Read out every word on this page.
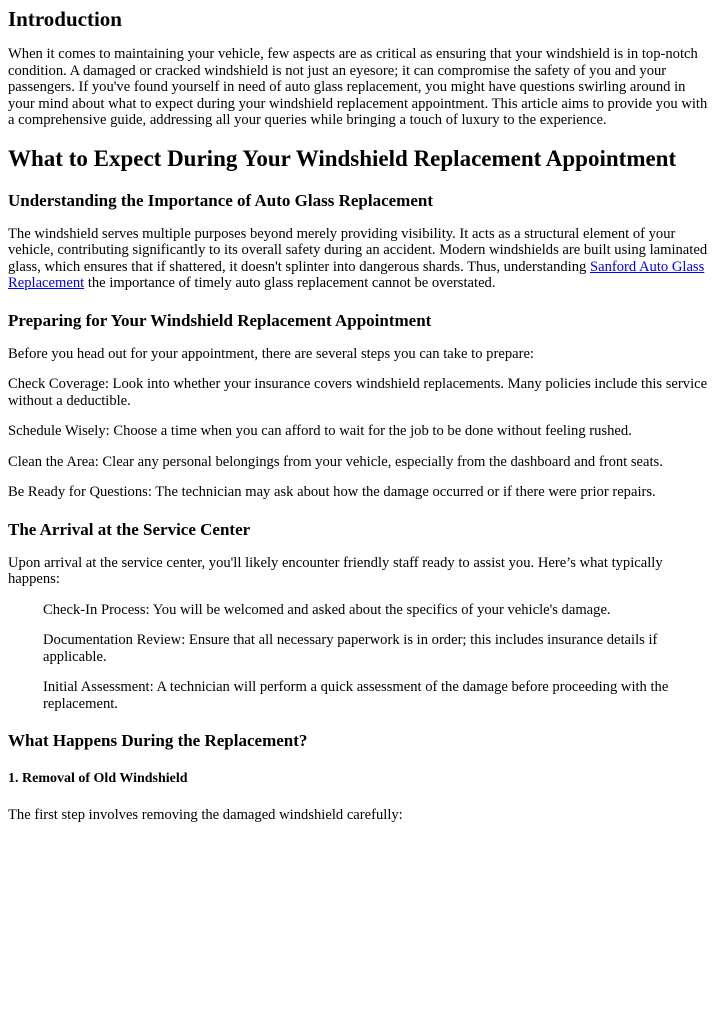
Introduction

When it comes to maintaining your vehicle, few aspects are as critical as ensuring that your windshield is in top-notch condition. A damaged or cracked windshield is not just an eyesore; it can compromise the safety of you and your passengers. If you've found yourself in need of auto glass replacement, you might have questions swirling around in your mind about what to expect during your windshield replacement appointment. This article aims to provide you with a comprehensive guide, addressing all your queries while bringing a touch of luxury to the experience.

What to Expect During Your Windshield Replacement Appointment
Understanding the Importance of Auto Glass Replacement

The windshield serves multiple purposes beyond merely providing visibility. It acts as a structural element of your vehicle, contributing significantly to its overall safety during an accident. Modern windshields are built using laminated glass, which ensures that if shattered, it doesn't splinter into dangerous shards. Thus, understanding Sanford Auto Glass Replacement the importance of timely auto glass replacement cannot be overstated.

Preparing for Your Windshield Replacement Appointment

Before you head out for your appointment, there are several steps you can take to prepare:

Check Coverage: Look into whether your insurance covers windshield replacements. Many policies include this service without a deductible.

Schedule Wisely: Choose a time when you can afford to wait for the job to be done without feeling rushed.

Clean the Area: Clear any personal belongings from your vehicle, especially from the dashboard and front seats.

Be Ready for Questions: The technician may ask about how the damage occurred or if there were prior repairs.

The Arrival at the Service Center

Upon arrival at the service center, you'll likely encounter friendly staff ready to assist you. Here’s what typically happens:

Check-In Process: You will be welcomed and asked about the specifics of your vehicle's damage.

Documentation Review: Ensure that all necessary paperwork is in order; this includes insurance details if applicable.

Initial Assessment: A technician will perform a quick assessment of the damage before proceeding with the replacement.

What Happens During the Replacement?
1. Removal of Old Windshield

The first step involves removing the damaged windshield carefully:
